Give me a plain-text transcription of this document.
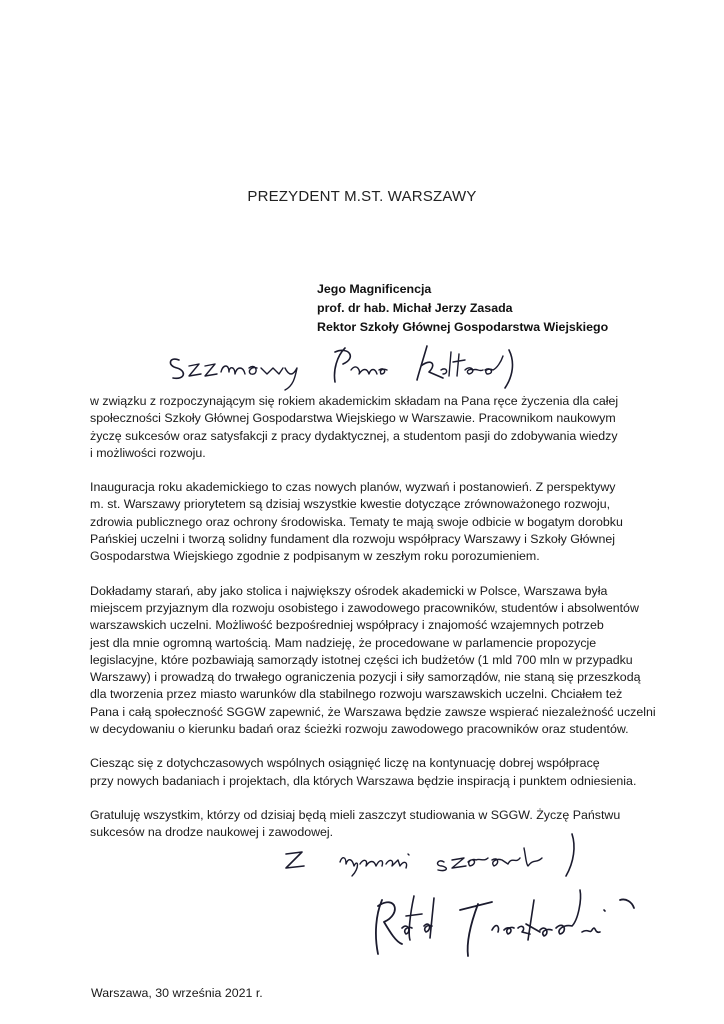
PREZYDENT M.ST. WARSZAWY
Jego Magnificencja
prof. dr hab. Michał Jerzy Zasada
Rektor Szkoły Głównej Gospodarstwa Wiejskiego

w związku z rozpoczynającym się rokiem akademickim składam na Pana ręce życzenia dla całej
społeczności Szkoły Głównej Gospodarstwa Wiejskiego w Warszawie. Pracownikom naukowym
życzę sukcesów oraz satysfakcji z pracy dydaktycznej, a studentom pasji do zdobywania wiedzy
i możliwości rozwoju.

Inauguracja roku akademickiego to czas nowych planów, wyzwań i postanowień. Z perspektywy
m. st. Warszawy priorytetem są dzisiaj wszystkie kwestie dotyczące zrównoważonego rozwoju,
zdrowia publicznego oraz ochrony środowiska. Tematy te mają swoje odbicie w bogatym dorobku
Pańskiej uczelni i tworzą solidny fundament dla rozwoju współpracy Warszawy i Szkoły Głównej
Gospodarstwa Wiejskiego zgodnie z podpisanym w zeszłym roku porozumieniem.

Dokładamy starań, aby jako stolica i największy ośrodek akademicki w Polsce, Warszawa była
miejscem przyjaznym dla rozwoju osobistego i zawodowego pracowników, studentów i absolwentów
warszawskich uczelni. Możliwość bezpośredniej współpracy i znajomość wzajemnych potrzeb
jest dla mnie ogromną wartością. Mam nadzieję, że procedowane w parlamencie propozycje
legislacyjne, które pozbawiają samorządy istotnej części ich budżetów (1 mld 700 mln w przypadku
Warszawy) i prowadzą do trwałego ograniczenia pozycji i siły samorządów, nie staną się przeszkodą
dla tworzenia przez miasto warunków dla stabilnego rozwoju warszawskich uczelni. Chciałem też
Pana i całą społeczność SGGW zapewnić, że Warszawa będzie zawsze wspierać niezależność uczelni
w decydowaniu o kierunku badań oraz ścieżki rozwoju zawodowego pracowników oraz studentów.

Ciesząc się z dotychczasowych wspólnych osiągnięć liczę na kontynuację dobrej współpracę
przy nowych badaniach i projektach, dla których Warszawa będzie inspiracją i punktem odniesienia.

Gratuluję wszystkim, którzy od dzisiaj będą mieli zaszczyt studiowania w SGGW. Życzę Państwu
sukcesów na drodze naukowej i zawodowej.

Warszawa, 30 września 2021 r.
